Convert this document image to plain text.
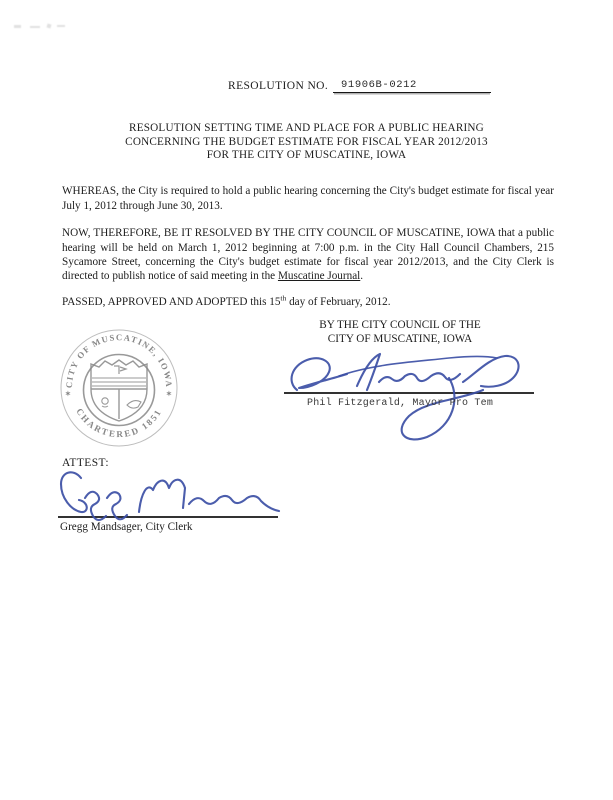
RESOLUTION NO. 91906B-0212
RESOLUTION SETTING TIME AND PLACE FOR A PUBLIC HEARING
CONCERNING THE BUDGET ESTIMATE FOR FISCAL YEAR 2012/2013
FOR THE CITY OF MUSCATINE, IOWA

WHEREAS, the City is required to hold a public hearing concerning the City's budget estimate for fiscal year July 1, 2012 through June 30, 2013.

NOW, THEREFORE, BE IT RESOLVED BY THE CITY COUNCIL OF MUSCATINE, IOWA that a public hearing will be held on March 1, 2012 beginning at 7:00 p.m. in the City Hall Council Chambers, 215 Sycamore Street, concerning the City's budget estimate for fiscal year 2012/2013, and the City Clerk is directed to publish notice of said meeting in the Muscatine Journal.

PASSED, APPROVED AND ADOPTED this 15th day of February, 2012.

BY THE CITY COUNCIL OF THE
CITY OF MUSCATINE, IOWA
CITY OF MUSCATINE, IOWA
CHARTERED 1851
✶	✶
Phil Fitzgerald, Mayor Pro Tem
ATTEST:
Gregg Mandsager, City Clerk
